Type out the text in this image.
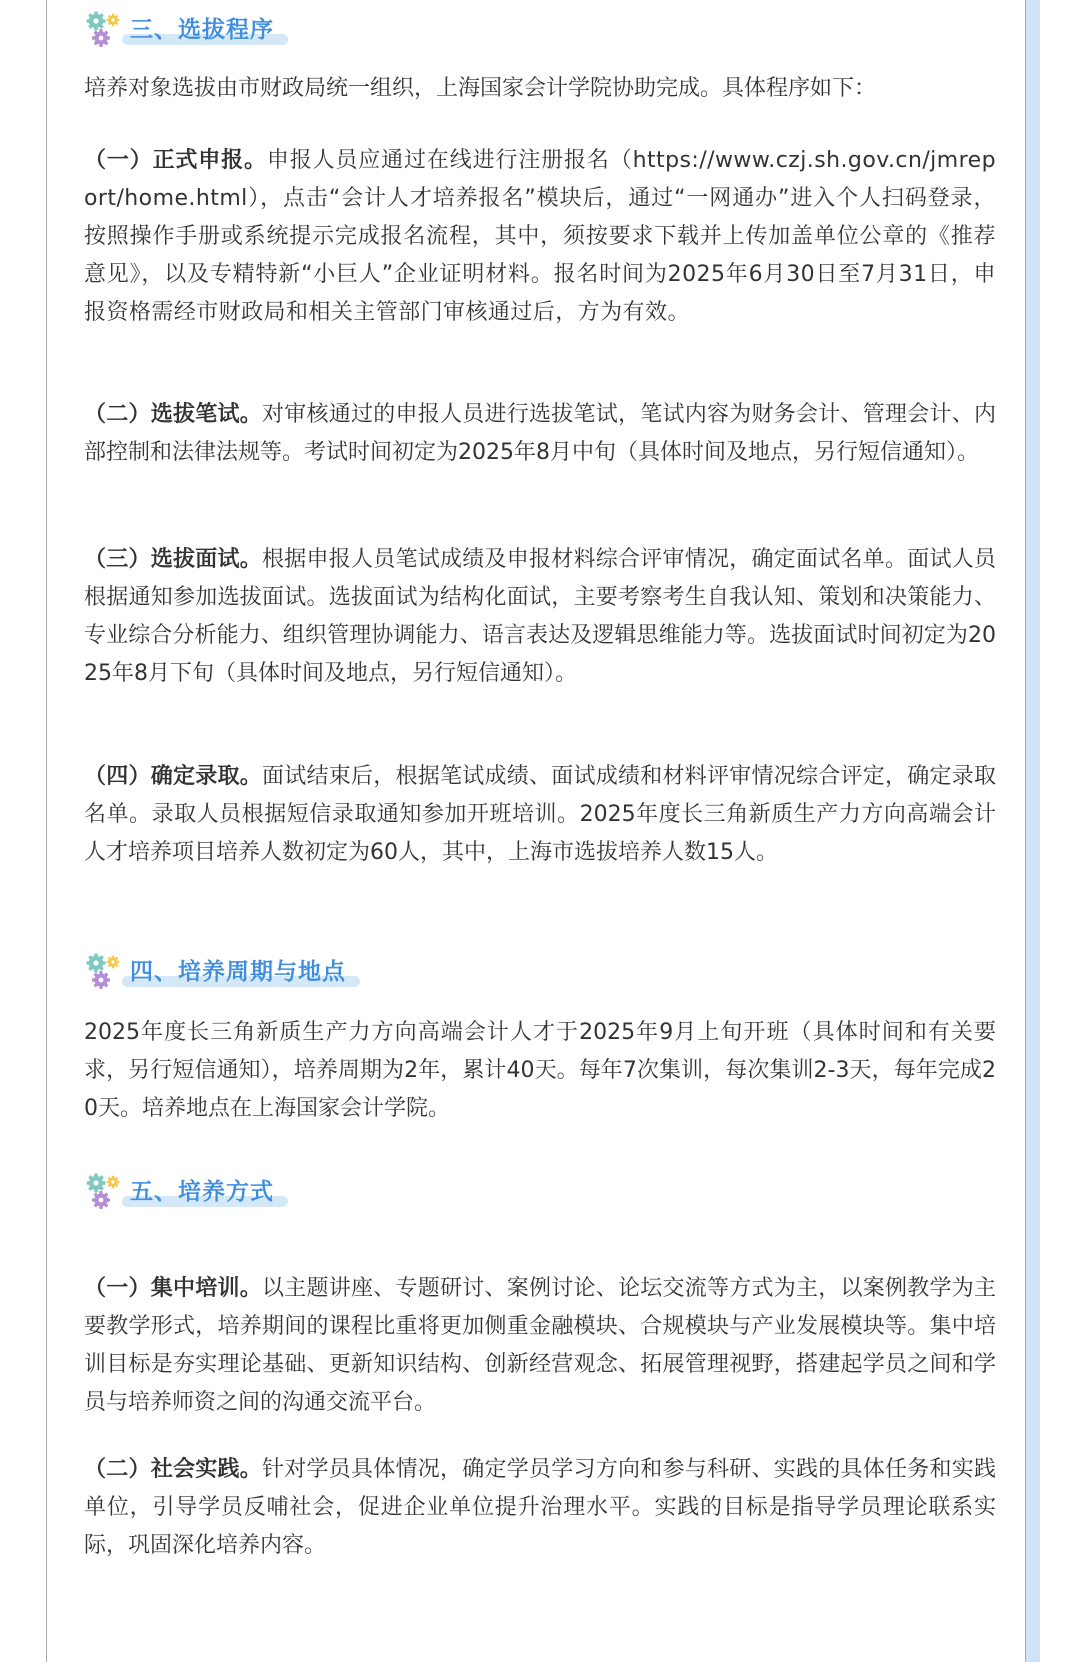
三、选拔程序

培养对象选拔由市财政局统一组织，上海国家会计学院协助完成。具体程序如下：

（一）正式申报。申报人员应通过在线进行注册报名（https://www.czj.sh.gov.cn/jmreport/home.html），点击“会计人才培养报名”模块后，通过“一网通办”进入个人扫码登录，按照操作手册或系统提示完成报名流程，其中，须按要求下载并上传加盖单位公章的《推荐意见》，以及专精特新“小巨人”企业证明材料。报名时间为2025年6月30日至7月31日，申报资格需经市财政局和相关主管部门审核通过后，方为有效。

（二）选拔笔试。对审核通过的申报人员进行选拔笔试，笔试内容为财务会计、管理会计、内部控制和法律法规等。考试时间初定为2025年8月中旬（具体时间及地点，另行短信通知）。

（三）选拔面试。根据申报人员笔试成绩及申报材料综合评审情况，确定面试名单。面试人员根据通知参加选拔面试。选拔面试为结构化面试，主要考察考生自我认知、策划和决策能力、专业综合分析能力、组织管理协调能力、语言表达及逻辑思维能力等。选拔面试时间初定为2025年8月下旬（具体时间及地点，另行短信通知）。

（四）确定录取。面试结束后，根据笔试成绩、面试成绩和材料评审情况综合评定，确定录取名单。录取人员根据短信录取通知参加开班培训。2025年度长三角新质生产力方向高端会计人才培养项目培养人数初定为60人，其中，上海市选拔培养人数15人。

四、培养周期与地点

2025年度长三角新质生产力方向高端会计人才于2025年9月上旬开班（具体时间和有关要求，另行短信通知），培养周期为2年，累计40天。每年7次集训，每次集训2-3天，每年完成20天。培养地点在上海国家会计学院。

五、培养方式

（一）集中培训。以主题讲座、专题研讨、案例讨论、论坛交流等方式为主，以案例教学为主要教学形式，培养期间的课程比重将更加侧重金融模块、合规模块与产业发展模块等。集中培训目标是夯实理论基础、更新知识结构、创新经营观念、拓展管理视野，搭建起学员之间和学员与培养师资之间的沟通交流平台。

（二）社会实践。针对学员具体情况，确定学员学习方向和参与科研、实践的具体任务和实践单位，引导学员反哺社会，促进企业单位提升治理水平。实践的目标是指导学员理论联系实际，巩固深化培养内容。
